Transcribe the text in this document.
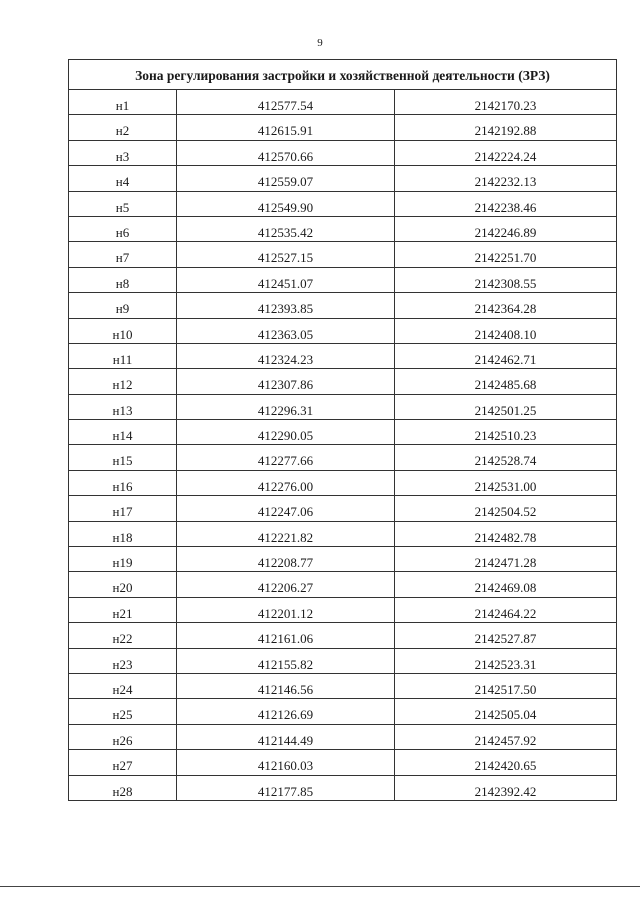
9
Зона регулирования застройки и хозяйственной деятельности (ЗРЗ)		
н1	412577.54	2142170.23
н2	412615.91	2142192.88
н3	412570.66	2142224.24
н4	412559.07	2142232.13
н5	412549.90	2142238.46
н6	412535.42	2142246.89
н7	412527.15	2142251.70
н8	412451.07	2142308.55
н9	412393.85	2142364.28
н10	412363.05	2142408.10
н11	412324.23	2142462.71
н12	412307.86	2142485.68
н13	412296.31	2142501.25
н14	412290.05	2142510.23
н15	412277.66	2142528.74
н16	412276.00	2142531.00
н17	412247.06	2142504.52
н18	412221.82	2142482.78
н19	412208.77	2142471.28
н20	412206.27	2142469.08
н21	412201.12	2142464.22
н22	412161.06	2142527.87
н23	412155.82	2142523.31
н24	412146.56	2142517.50
н25	412126.69	2142505.04
н26	412144.49	2142457.92
н27	412160.03	2142420.65
н28	412177.85	2142392.42
